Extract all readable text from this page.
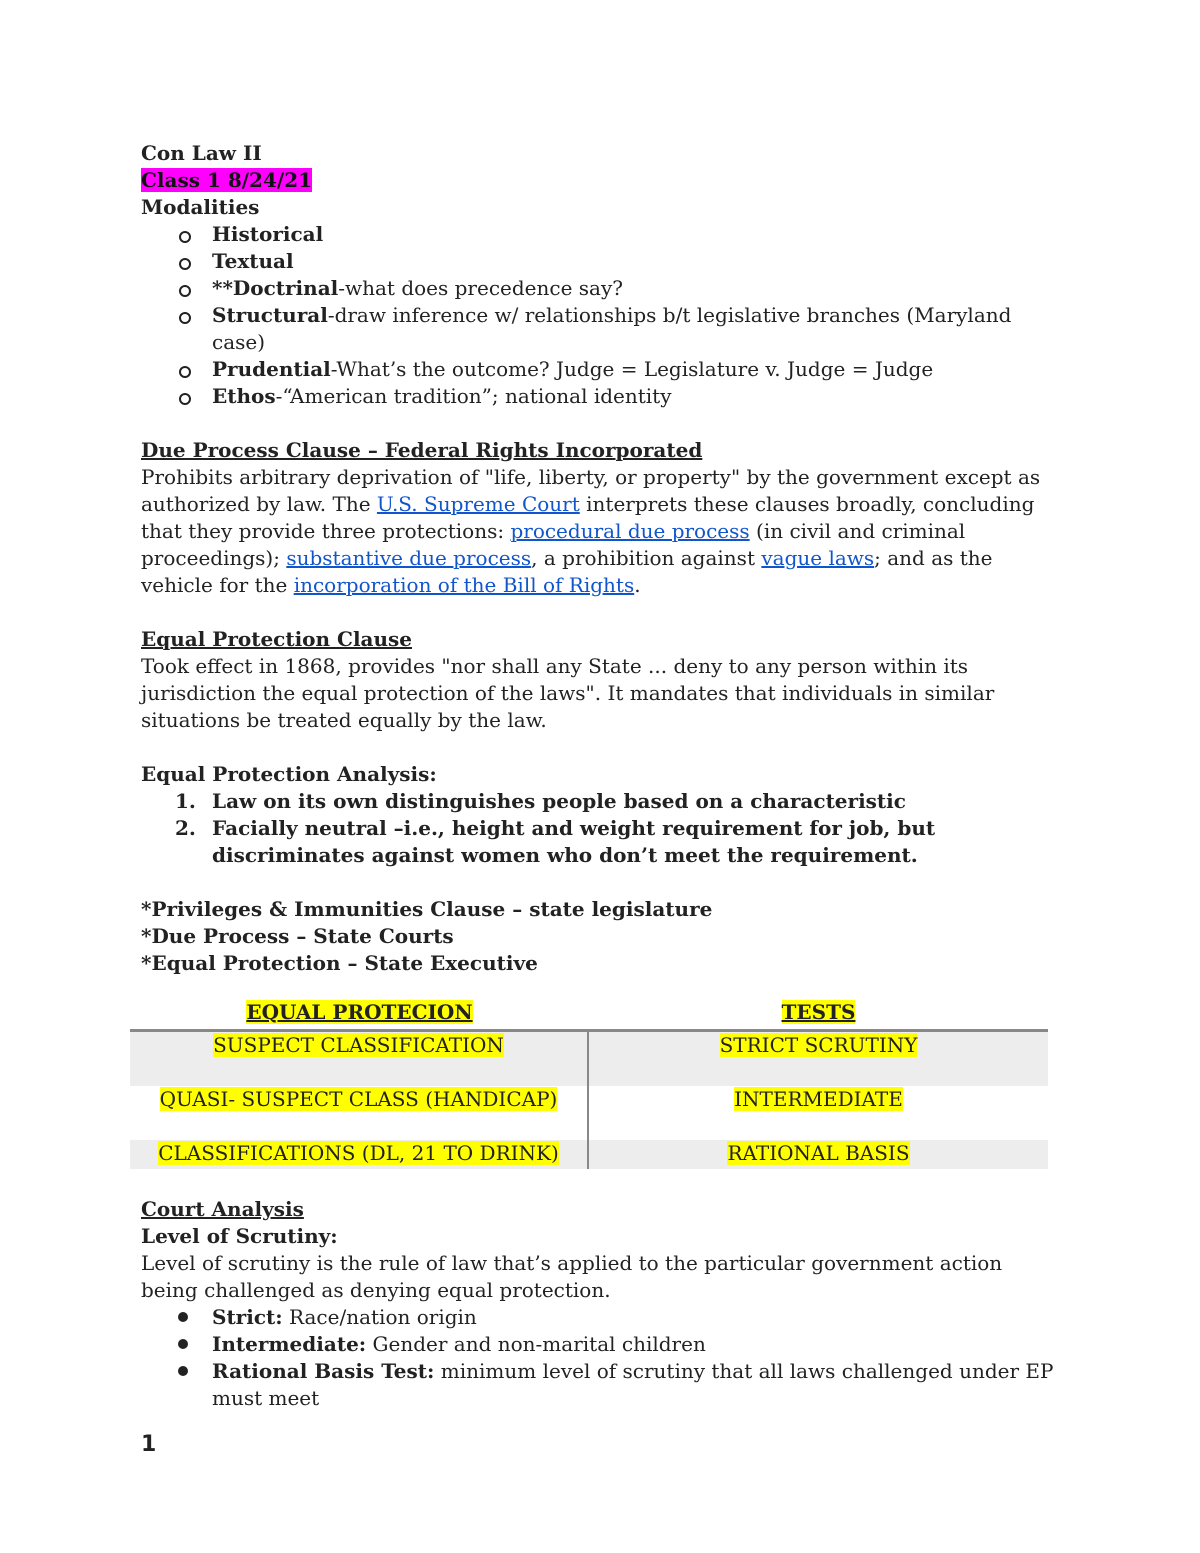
Con Law II

Class 1 8/24/21

Modalities

Historical
Textual
**Doctrinal-what does precedence say?
Structural-draw inference w/ relationships b/t legislative branches (Maryland case)
Prudential-What’s the outcome? Judge = Legislature v. Judge = Judge
Ethos-“American tradition”; national identity

Due Process Clause – Federal Rights Incorporated

Prohibits arbitrary deprivation of "life, liberty, or property" by the government except as authorized by law. The U.S. Supreme Court interprets these clauses broadly, concluding that they provide three protections: procedural due process (in civil and criminal proceedings); substantive due process, a prohibition against vague laws; and as the vehicle for the incorporation of the Bill of Rights.

Equal Protection Clause

Took effect in 1868, provides "nor shall any State ... deny to any person within its jurisdiction the equal protection of the laws". It mandates that individuals in similar situations be treated equally by the law.

Equal Protection Analysis:

1. Law on its own distinguishes people based on a characteristic
2. Facially neutral –i.e., height and weight requirement for job, but discriminates against women who don’t meet the requirement.

*Privileges & Immunities Clause – state legislature

*Due Process – State Courts

*Equal Protection – State Executive

EQUAL PROTECION	TESTS
SUSPECT CLASSIFICATION	STRICT SCRUTINY
QUASI- SUSPECT CLASS (HANDICAP)	INTERMEDIATE
CLASSIFICATIONS (DL, 21 TO DRINK)	RATIONAL BASIS

Court Analysis

Level of Scrutiny:

Level of scrutiny is the rule of law that’s applied to the particular government action being challenged as denying equal protection.

Strict: Race/nation origin
Intermediate: Gender and non-marital children
Rational Basis Test: minimum level of scrutiny that all laws challenged under EP must meet
1
